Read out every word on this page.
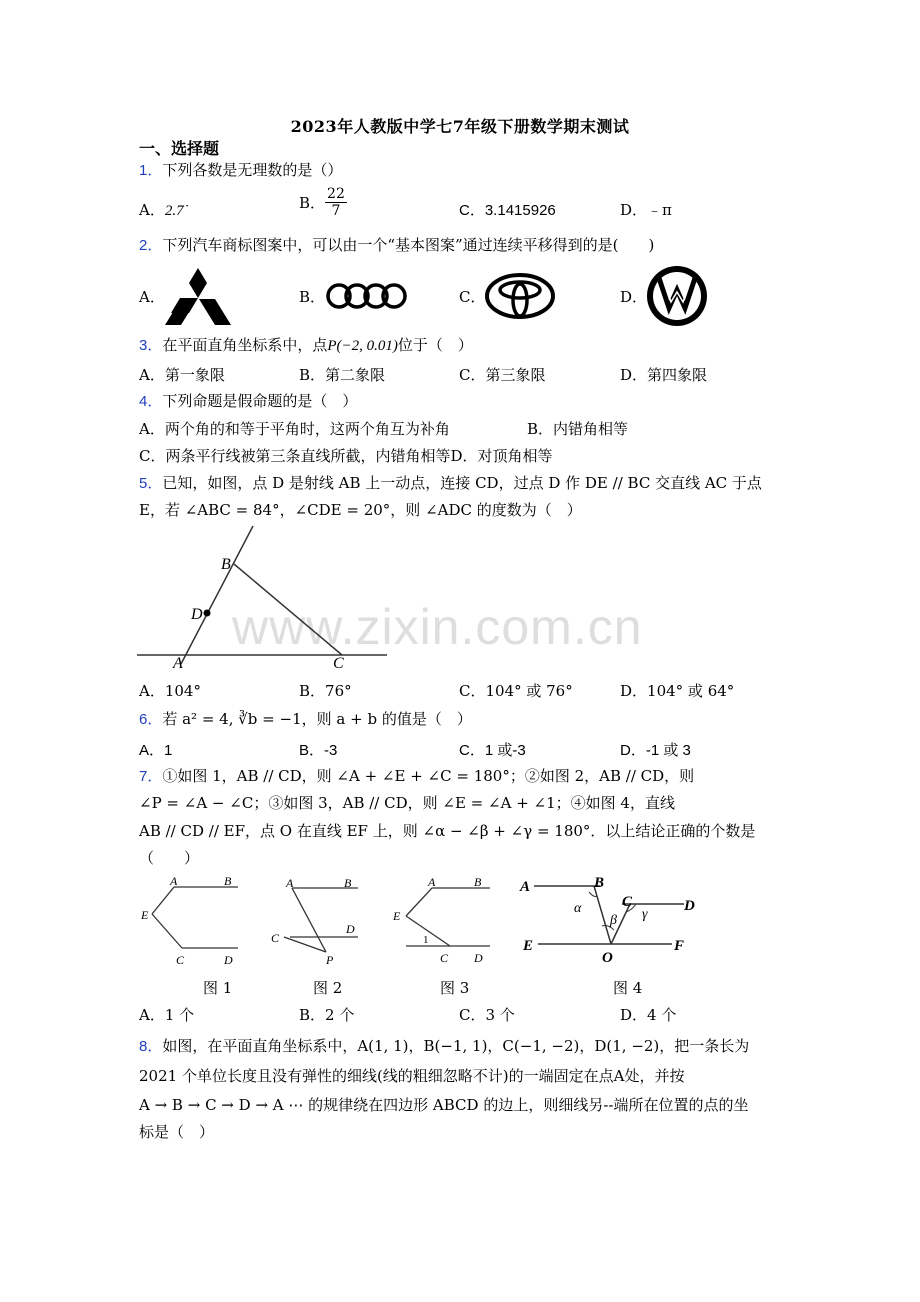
2023年人教版中学七7年级下册数学期末测试
一、选择题
www.zixin.com.cn
1．下列各数是无理数的是（）
A．2.7̇	B． $\frac{22}{7}$	C．3.1415926	D．﹣π
2．下列汽车商标图案中，可以由一个“基本图案”通过连续平移得到的是(　　)
A．	B．	C．	D．
3．在平面直角坐标系中，点P(−2, 0.01)位于（　）
A．第一象限	B．第二象限	C．第三象限	D．第四象限
4．下列命题是假命题的是（　）
A．两个角的和等于平角时，这两个角互为补角	B．内错角相等
C．两条平行线被第三条直线所截，内错角相等D．对顶角相等
5．已知，如图，点 D 是射线 AB 上一动点，连接 CD，过点 D 作 DE // BC 交直线 AC 于点
E，若 ∠ABC = 84°，∠CDE = 20°，则 ∠ADC 的度数为（　）
B
D
A	C
A．104°	B．76°	C．104° 或 76°	D．104° 或 64°
6．若 a² = 4, ∛b = −1，则 a + b 的值是（　）
A．1	B．-3	C．1 或-3	D．-1 或 3
7．①如图 1，AB // CD，则 ∠A + ∠E + ∠C = 180°；②如图 2，AB // CD，则
∠P = ∠A − ∠C；③如图 3，AB // CD，则 ∠E = ∠A + ∠1；④如图 4，直线
AB // CD // EF，点 O 在直线 EF 上，则 ∠α − ∠β + ∠γ = 180°．以上结论正确的个数是
（　　）
A	B
E
C	D
图 1
A	B
C
D
P
图 2
A	B
E
1
C D
图 3
A	B
C	D
E	F
O
α
β γ
图 4
A．1 个	B．2 个	C．3 个	D．4 个
8．如图，在平面直角坐标系中，A(1, 1)，B(−1, 1)，C(−1, −2)，D(1, −2)，把一条长为
2021 个单位长度且没有弹性的细线(线的粗细忽略不计)的一端固定在点A处，并按
A → B → C → D → A ⋯ 的规律绕在四边形 ABCD 的边上，则细线另--端所在位置的点的坐
标是（　）
